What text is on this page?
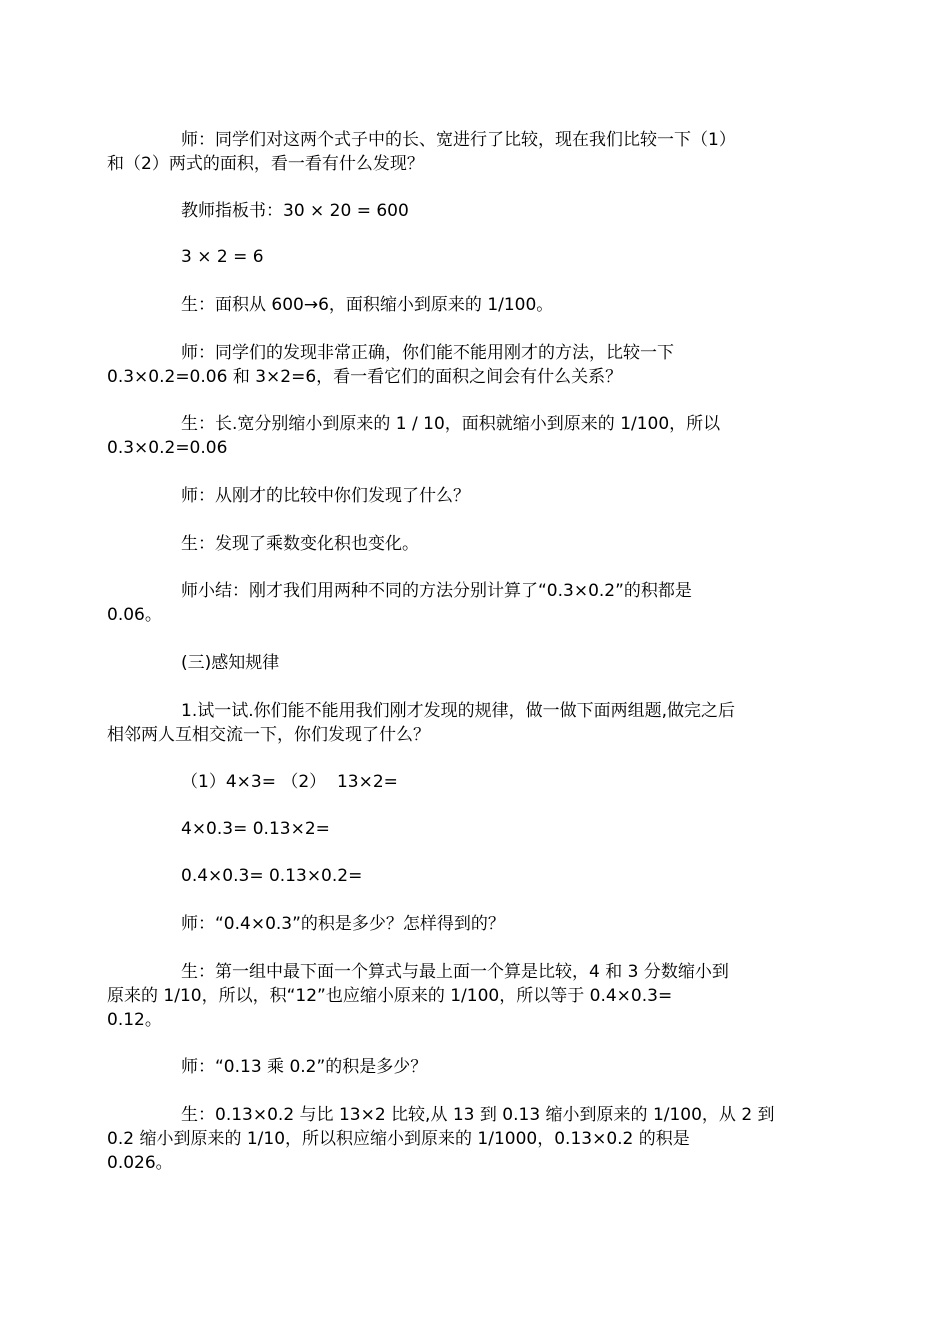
师：同学们对这两个式子中的长、宽进行了比较，现在我们比较一下（1）
和（2）两式的面积，看一看有什么发现？

教师指板书：30 × 20 = 600

3 × 2 = 6

生：面积从 600→6，面积缩小到原来的 1/100。

师：同学们的发现非常正确，你们能不能用刚才的方法，比较一下
0.3×0.2=0.06 和 3×2=6，看一看它们的面积之间会有什么关系？

生：长.宽分别缩小到原来的 1 / 10，面积就缩小到原来的 1/100，所以
0.3×0.2=0.06

师：从刚才的比较中你们发现了什么？

生：发现了乘数变化积也变化。

师小结：刚才我们用两种不同的方法分别计算了“0.3×0.2”的积都是
0.06。

(三)感知规律

1.试一试.你们能不能用我们刚才发现的规律，做一做下面两组题,做完之后
相邻两人互相交流一下，你们发现了什么？

（1）4×3= （2）  13×2=

4×0.3= 0.13×2=

0.4×0.3= 0.13×0.2=

师：“0.4×0.3”的积是多少？怎样得到的？

生：第一组中最下面一个算式与最上面一个算是比较，4 和 3 分数缩小到
原来的 1/10，所以，积“12”也应缩小原来的 1/100，所以等于 0.4×0.3=
0.12。

师：“0.13 乘 0.2”的积是多少？

生：0.13×0.2 与比 13×2 比较,从 13 到 0.13 缩小到原来的 1/100，从 2 到
0.2 缩小到原来的 1/10，所以积应缩小到原来的 1/1000，0.13×0.2 的积是
0.026。
